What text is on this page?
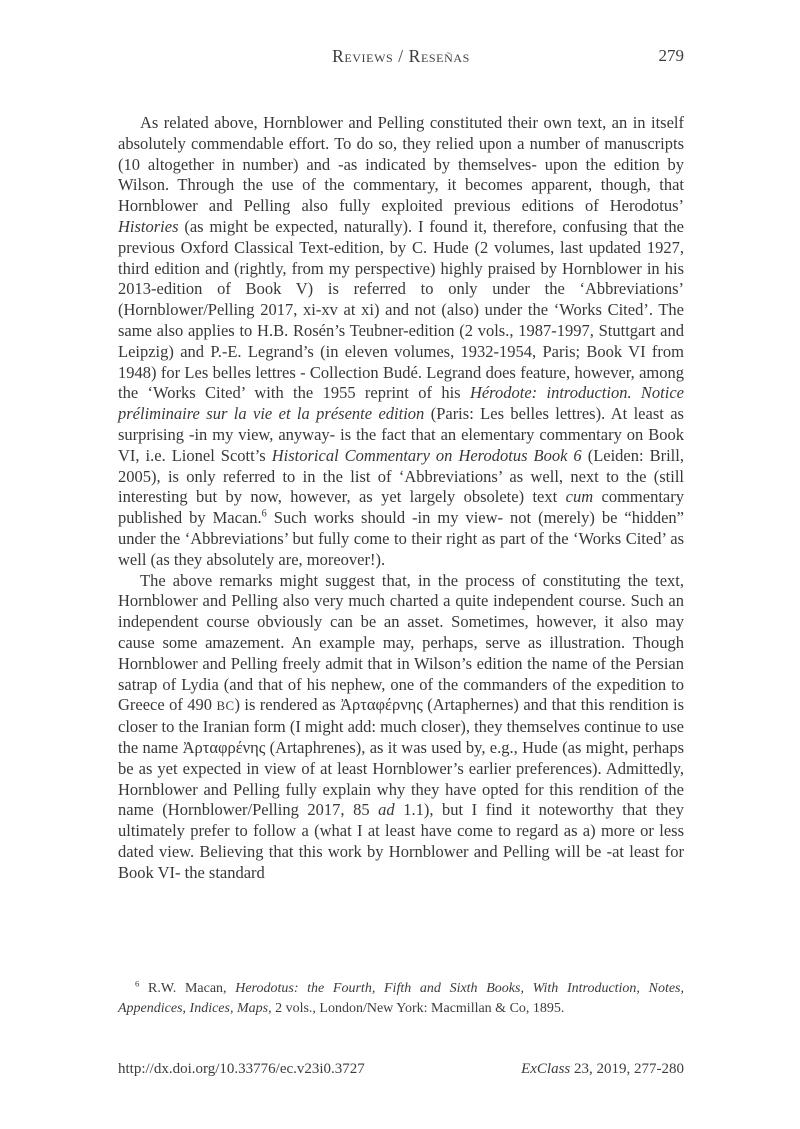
Reviews / Reseñas	279

As related above, Hornblower and Pelling constituted their own text, an in itself absolutely commendable effort. To do so, they relied upon a number of manuscripts (10 altogether in number) and -as indicated by themselves- upon the edition by Wilson. Through the use of the commentary, it becomes apparent, though, that Hornblower and Pelling also fully exploited previous editions of Herodotus’ Histories (as might be expected, naturally). I found it, therefore, confusing that the previous Oxford Classical Text-edition, by C. Hude (2 volumes, last updated 1927, third edition and (rightly, from my perspective) highly praised by Hornblower in his 2013-edition of Book V) is referred to only under the ‘Abbreviations’ (Hornblower/Pelling 2017, xi-xv at xi) and not (also) under the ‘Works Cited’. The same also applies to H.B. Rosén’s Teubner-edition (2 vols., 1987-1997, Stuttgart and Leipzig) and P.-E. Legrand’s (in eleven volumes, 1932-1954, Paris; Book VI from 1948) for Les belles lettres - Collection Budé. Legrand does feature, however, among the ‘Works Cited’ with the 1955 reprint of his Hérodote: introduction. Notice préliminaire sur la vie et la présente edition (Paris: Les belles lettres). At least as surprising -in my view, anyway- is the fact that an elementary commentary on Book VI, i.e. Lionel Scott’s Historical Commentary on Herodotus Book 6 (Leiden: Brill, 2005), is only referred to in the list of ‘Abbreviations’ as well, next to the (still interesting but by now, however, as yet largely obsolete) text cum commentary published by Macan.$^6$ Such works should -in my view- not (merely) be “hidden” under the ‘Abbreviations’ but fully come to their right as part of the ‘Works Cited’ as well (as they absolutely are, moreover!).

The above remarks might suggest that, in the process of constituting the text, Hornblower and Pelling also very much charted a quite independent course. Such an independent course obviously can be an asset. Sometimes, however, it also may cause some amazement. An example may, perhaps, serve as illustration. Though Hornblower and Pelling freely admit that in Wilson’s edition the name of the Persian satrap of Lydia (and that of his nephew, one of the commanders of the expedition to Greece of 490 BC) is rendered as Ἀρταφέρνης (Artaphernes) and that this rendition is closer to the Iranian form (I might add: much closer), they themselves continue to use the name Ἀρταφρένης (Artaphrenes), as it was used by, e.g., Hude (as might, perhaps be as yet expected in view of at least Hornblower’s earlier preferences). Admittedly, Hornblower and Pelling fully explain why they have opted for this rendition of the name (Hornblower/Pelling 2017, 85 ad 1.1), but I find it noteworthy that they ultimately prefer to follow a (what I at least have come to regard as a) more or less dated view. Believing that this work by Hornblower and Pelling will be -at least for Book VI- the standard

$^6$ R.W. Macan, Herodotus: the Fourth, Fifth and Sixth Books, With Introduction, Notes, Appendices, Indices, Maps, 2 vols., London/New York: Macmillan & Co, 1895.
http://dx.doi.org/10.33776/ec.v23i0.3727	ExClass 23, 2019, 277-280
